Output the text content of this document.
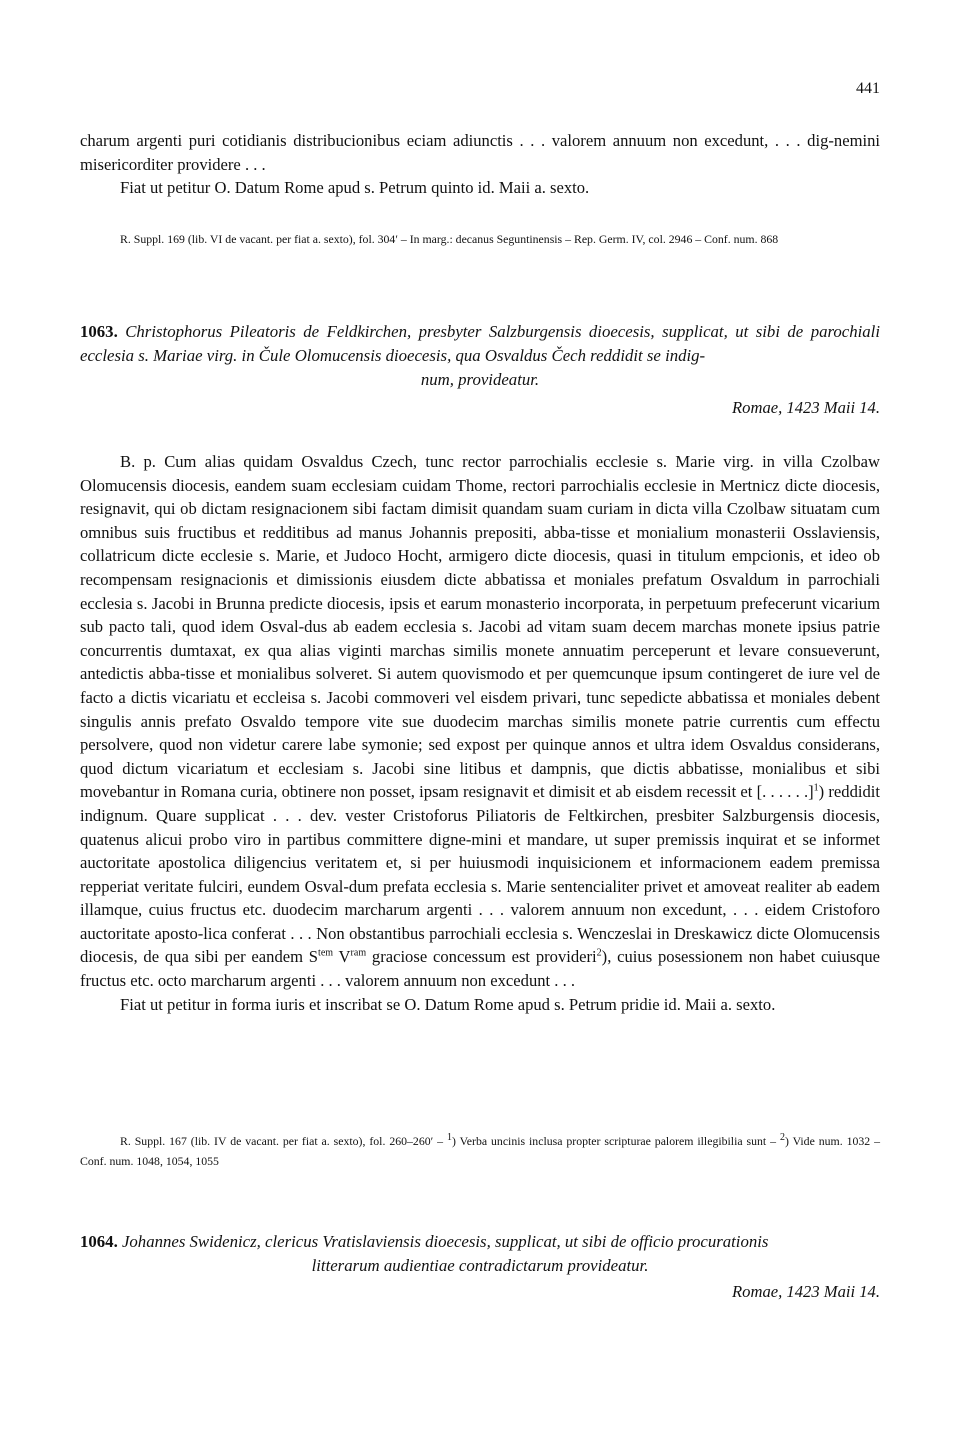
441

charum argenti puri cotidianis distribucionibus eciam adiunctis . . . valorem annuum non excedunt, . . . dig-nemini misericorditer providere . . .

Fiat ut petitur O. Datum Rome apud s. Petrum quinto id. Maii a. sexto.

R. Suppl. 169 (lib. VI de vacant. per fiat a. sexto), fol. 304′ – In marg.: decanus Seguntinensis – Rep. Germ. IV, col. 2946 – Conf. num. 868

1063. Christophorus Pileatoris de Feldkirchen, presbyter Salzburgensis dioecesis, supplicat, ut sibi de parochiali ecclesia s. Mariae virg. in Čule Olomucensis dioecesis, qua Osvaldus Čech reddidit se indig-
num, provideatur.

Romae, 1423 Maii 14.

B. p. Cum alias quidam Osvaldus Czech, tunc rector parrochialis ecclesie s. Marie virg. in villa Czolbaw Olomucensis diocesis, eandem suam ecclesiam cuidam Thome, rectori parrochialis ecclesie in Mertnicz dicte diocesis, resignavit, qui ob dictam resignacionem sibi factam dimisit quandam suam curiam in dicta villa Czolbaw situatam cum omnibus suis fructibus et redditibus ad manus Johannis prepositi, abba-tisse et monialium monasterii Osslaviensis, collatricum dicte ecclesie s. Marie, et Judoco Hocht, armigero dicte diocesis, quasi in titulum empcionis, et ideo ob recompensam resignacionis et dimissionis eiusdem dicte abbatissa et moniales prefatum Osvaldum in parrochiali ecclesia s. Jacobi in Brunna predicte diocesis, ipsis et earum monasterio incorporata, in perpetuum prefecerunt vicarium sub pacto tali, quod idem Osval-dus ab eadem ecclesia s. Jacobi ad vitam suam decem marchas monete ipsius patrie concurrentis dumtaxat, ex qua alias viginti marchas similis monete annuatim perceperunt et levare consueverunt, antedictis abba-tisse et monialibus solveret. Si autem quovismodo et per quemcunque ipsum contingeret de iure vel de facto a dictis vicariatu et eccleisa s. Jacobi commoveri vel eisdem privari, tunc sepedicte abbatissa et moniales debent singulis annis prefato Osvaldo tempore vite sue duodecim marchas similis monete patrie currentis cum effectu persolvere, quod non videtur carere labe symonie; sed expost per quinque annos et ultra idem Osvaldus considerans, quod dictum vicariatum et ecclesiam s. Jacobi sine litibus et dampnis, que dictis abbatisse, monialibus et sibi movebantur in Romana curia, obtinere non posset, ipsam resignavit et dimisit et ab eisdem recessit et [. . . . . .]$^1$) reddidit indignum. Quare supplicat . . . dev. vester Cristoforus Piliatoris de Feltkirchen, presbiter Salzburgensis diocesis, quatenus alicui probo viro in partibus committere digne-mini et mandare, ut super premissis inquirat et se informet auctoritate apostolica diligencius veritatem et, si per huiusmodi inquisicionem et informacionem eadem premissa repperiat veritate fulciri, eundem Osval-dum prefata ecclesia s. Marie sentencialiter privet et amoveat realiter ab eadem illamque, cuius fructus etc. duodecim marcharum argenti . . . valorem annuum non excedunt, . . . eidem Cristoforo auctoritate aposto-lica conferat . . . Non obstantibus parrochiali ecclesia s. Wenczeslai in Dreskawicz dicte Olomucensis diocesis, de qua sibi per eandem $S^{tem}$ $V^{ram}$ graciose concessum est provideri$^2$), cuius posessionem non habet cuiusque fructus etc. octo marcharum argenti . . . valorem annuum non excedunt . . .

Fiat ut petitur in forma iuris et inscribat se O. Datum Rome apud s. Petrum pridie id. Maii a. sexto.

R. Suppl. 167 (lib. IV de vacant. per fiat a. sexto), fol. 260–260′ – $^1$) Verba uncinis inclusa propter scripturae palorem illegibilia sunt – $^2$) Vide num. 1032 – Conf. num. 1048, 1054, 1055

1064. Johannes Swidenicz, clericus Vratislaviensis dioecesis, supplicat, ut sibi de officio procurationis
litterarum audientiae contradictarum provideatur.

Romae, 1423 Maii 14.
